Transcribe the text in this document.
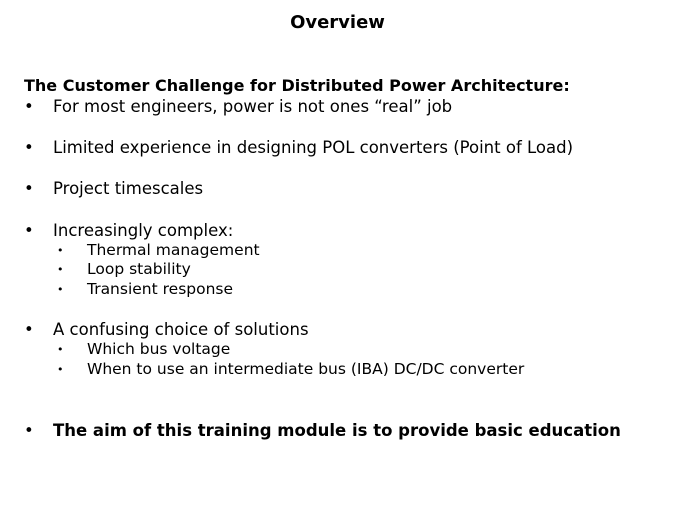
Overview
The Customer Challenge for Distributed Power Architecture:
•	For most engineers, power is not ones “real” job
•	Limited experience in designing POL converters (Point of Load)
•	Project timescales
•	Increasingly complex:
• Thermal management
• Loop stability
• Transient response
•	A confusing choice of solutions
• Which bus voltage
• When to use an intermediate bus (IBA) DC/DC converter
•	The aim of this training module is to provide basic education
